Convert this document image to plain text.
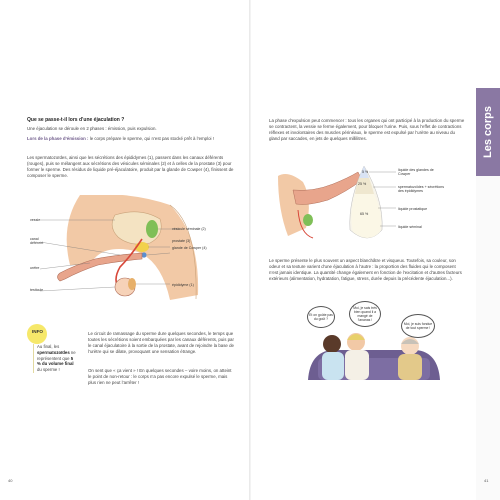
Que se passe-t-il lors d’une éjaculation ?
Une éjaculation se déroule en 2 phases : émission, puis expulsion.
Lors de la phase d’émission : le corps prépare le sperme, qui n’est pas stocké prêt à l’emploi !
Les spermatozoïdes, ainsi que les sécrétions des épididymes (1), passent dans les canaux déférents (rouges), puis se mélangent aux sécrétions des vésicules séminales (2) et à celles de la prostate (3) pour former le sperme. Des résidus de liquide pré-éjaculatoire, produit par la glande de Cowper (4), finissent de composer le sperme.
vessie
canal déférent
urètre
testicule
vésicule séminale (2)
prostate (3)
glande de Cowper (4)
épididyme (1)
INFO
Au final, les spermatozoïdes ne représentent que 5 % du volume final du sperme !
Le circuit de ramassage du sperme dure quelques secondes, le temps que toutes les sécrétions soient embarquées par les canaux déférents, puis par le canal éjaculatoire à la sortie de la prostate, avant de rejoindre la base de l’urètre qui se dilate, provoquant une sensation étrange.
On sent que « ça vient » ! En quelques secondes – voire moins, on atteint le point de non-retour : le corps n’a pas encore expulsé le sperme, mais plus rien ne peut l’arrêter !
40
La phase d’expulsion peut commencer : tous les organes qui ont participé à la production du sperme se contractent, la vessie se ferme également, pour bloquer l’urine. Puis, sous l’effet de contractions réflexes et involontaires des muscles périnéaux, le sperme est expulsé par l’urètre au niveau du gland par saccades, en jets de quelques millilitres.
5 %
25 %
65 %
liquide des glandes de Cowper
spermatozoïdes + sécrétions des épididymes
liquide prostatique
liquide séminal
Le sperme présente le plus souvent un aspect blanchâtre et visqueux. Toutefois, sa couleur, son odeur et sa texture varient d’une éjaculation à l’autre : la proportion des fluides qui le composent n’est jamais identique. La quantité change également en fonction de l’excitation et d’autres facteurs extérieurs (alimentation, hydratation, fatigue, stress, durée depuis la précédente éjaculation...).
Et on goûte pas du goût ?
Moi, je sais très bien quand il a mangé de l’ananas !
Moi, je suis fondue de tout sperme !
Les corps
41
